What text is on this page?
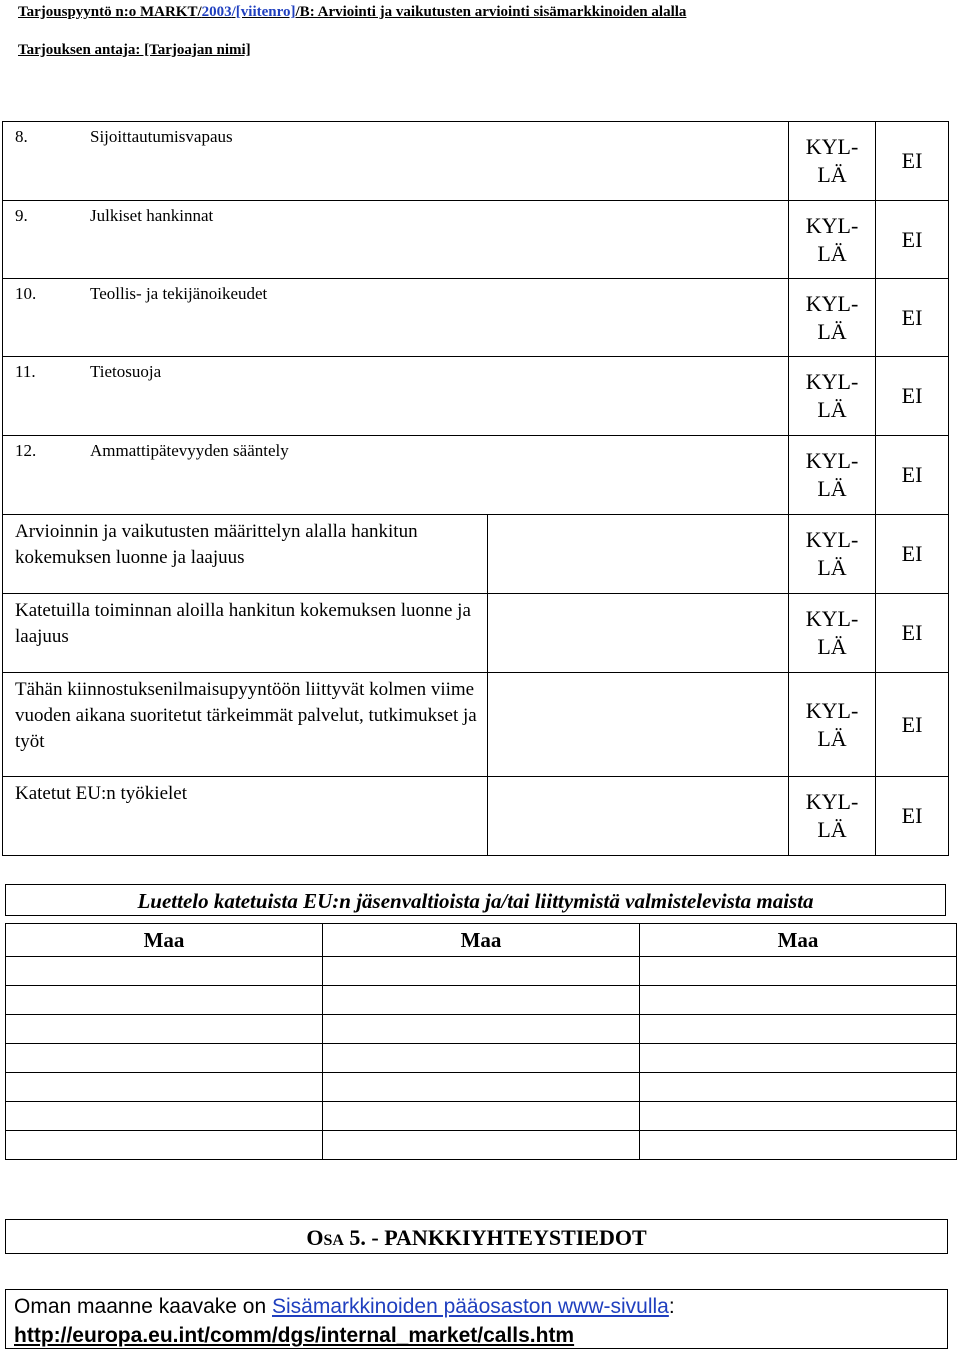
Tarjouspyyntö n:o MARKT/2003/[viitenro]/B: Arviointi ja vaikutusten arviointi sisämarkkinoiden alalla
Tarjouksen antaja: [Tarjoajan nimi]
8. Sijoittautumisvapaus		KYL-
LÄ	EI
9. Julkiset hankinnat		KYL-
LÄ	EI
10. Teollis- ja tekijänoikeudet		KYL-
LÄ	EI
11. Tietosuoja		KYL-
LÄ	EI
12. Ammattipätevyyden sääntely		KYL-
LÄ	EI
Arvioinnin ja vaikutusten määrittelyn alalla hankitun kokemuksen luonne ja laajuus		KYL-
LÄ	EI
Katetuilla toiminnan aloilla hankitun kokemuksen luonne ja laajuus		KYL-
LÄ	EI
Tähän kiinnostuksenilmaisupyyntöön liittyvät kolmen viime vuoden aikana suoritetut tärkeimmät palvelut, tutkimukset ja työt		KYL-
LÄ	EI
Katetut EU:n työkielet		KYL-
LÄ	EI
Luettelo katetuista EU:n jäsenvaltioista ja/tai liittymistä valmistelevista maista
Maa	Maa	Maa

OSA 5. - PANKKIYHTEYSTIEDOT
Oman maanne kaavake on Sisämarkkinoiden pääosaston www-sivulla:
http://europa.eu.int/comm/dgs/internal_market/calls.htm
